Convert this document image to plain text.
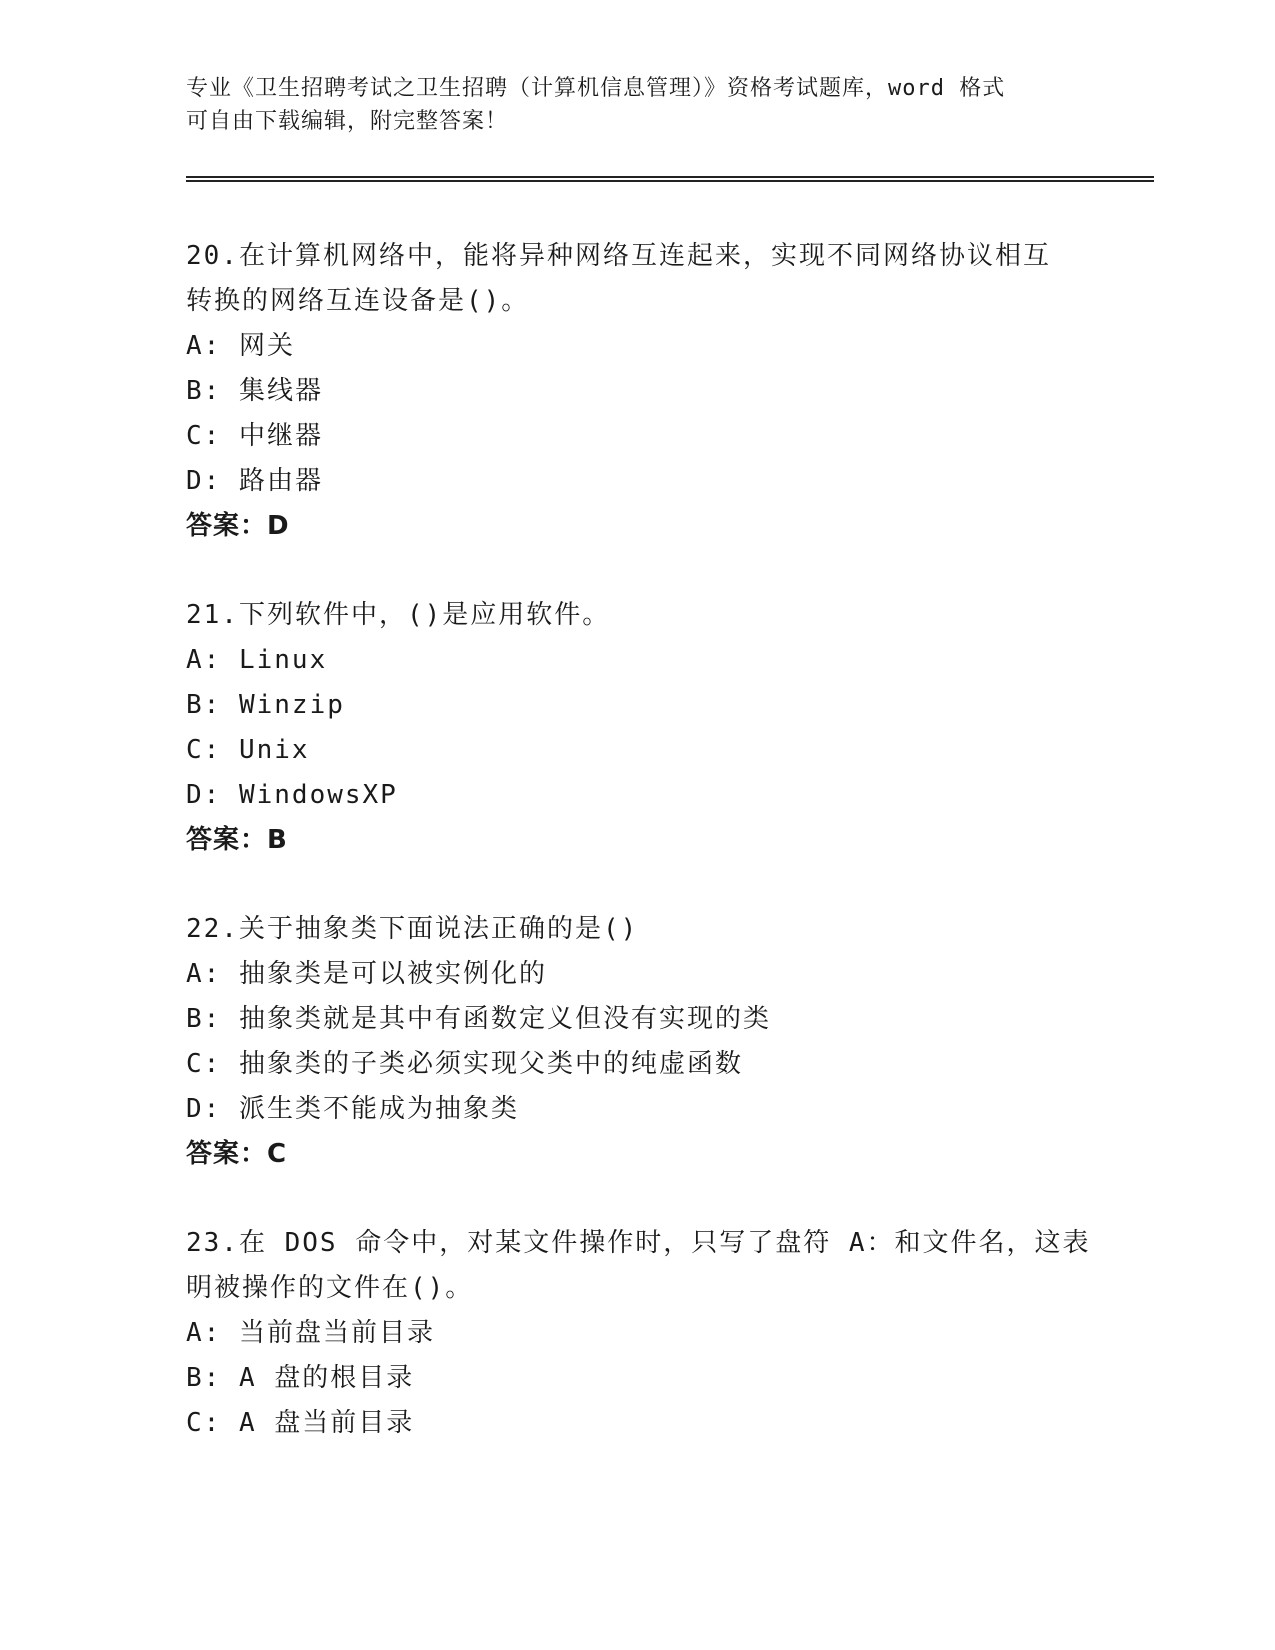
专业《卫生招聘考试之卫生招聘（计算机信息管理）》资格考试题库，word 格式
可自由下载编辑，附完整答案！
20.在计算机网络中，能将异种网络互连起来，实现不同网络协议相互
转换的网络互连设备是()。
A: 网关
B: 集线器
C: 中继器
D: 路由器
答案：D
21.下列软件中，()是应用软件。
A: Linux
B: Winzip
C: Unix
D: WindowsXP
答案：B
22.关于抽象类下面说法正确的是()
A: 抽象类是可以被实例化的
B: 抽象类就是其中有函数定义但没有实现的类
C: 抽象类的子类必须实现父类中的纯虚函数
D: 派生类不能成为抽象类
答案：C
23.在 DOS 命令中，对某文件操作时，只写了盘符 A：和文件名，这表
明被操作的文件在()。
A: 当前盘当前目录
B: A 盘的根目录
C: A 盘当前目录
